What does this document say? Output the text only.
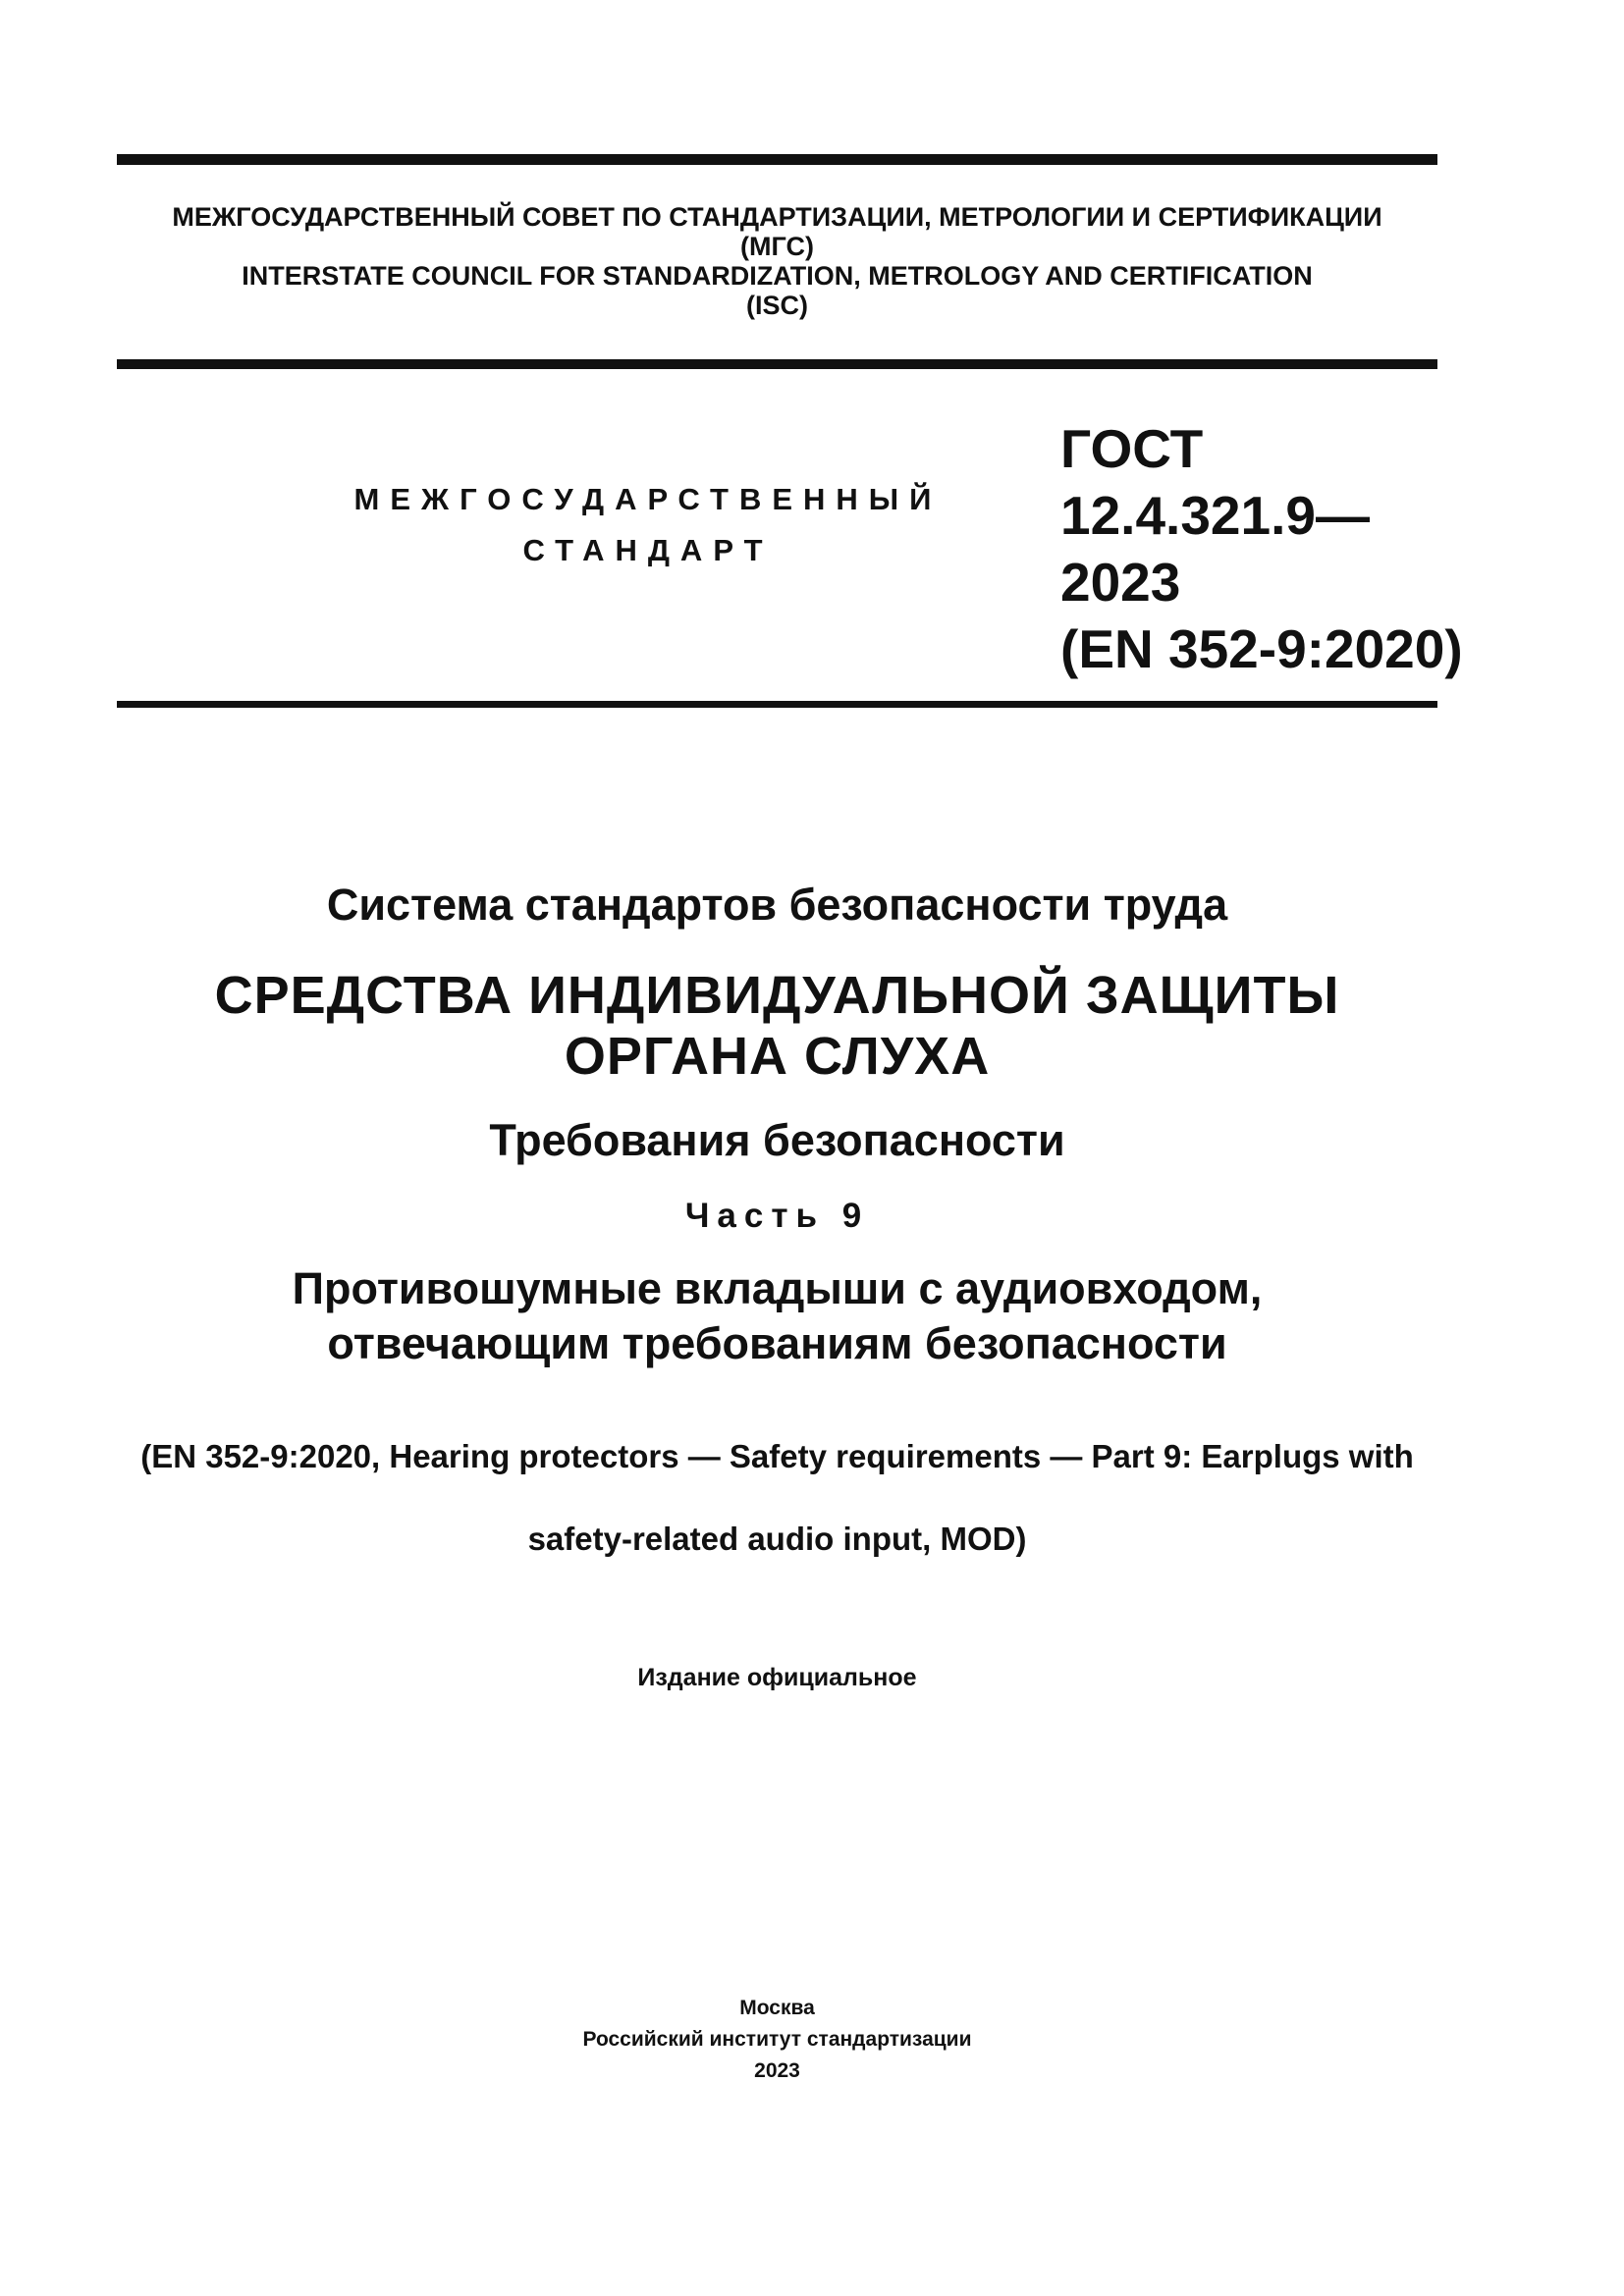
МЕЖГОСУДАРСТВЕННЫЙ СОВЕТ ПО СТАНДАРТИЗАЦИИ, МЕТРОЛОГИИ И СЕРТИФИКАЦИИ
(МГС)
INTERSTATE COUNCIL FOR STANDARDIZATION, METROLOGY AND CERTIFICATION
(ISC)
МЕЖГОСУДАРСТВЕННЫЙ
СТАНДАРТ
ГОСТ
12.4.321.9—
2023
(EN 352-9:2020)
Система стандартов безопасности труда
СРЕДСТВА ИНДИВИДУАЛЬНОЙ ЗАЩИТЫ
ОРГАНА СЛУХА
Требования безопасности
Часть 9
Противошумные вкладыши с аудиовходом,
отвечающим требованиям безопасности

(EN 352-9:2020, Hearing protectors — Safety requirements — Part 9: Earplugs with

safety-related audio input, MOD)

Издание официальное
Москва
Российский институт стандартизации
2023
